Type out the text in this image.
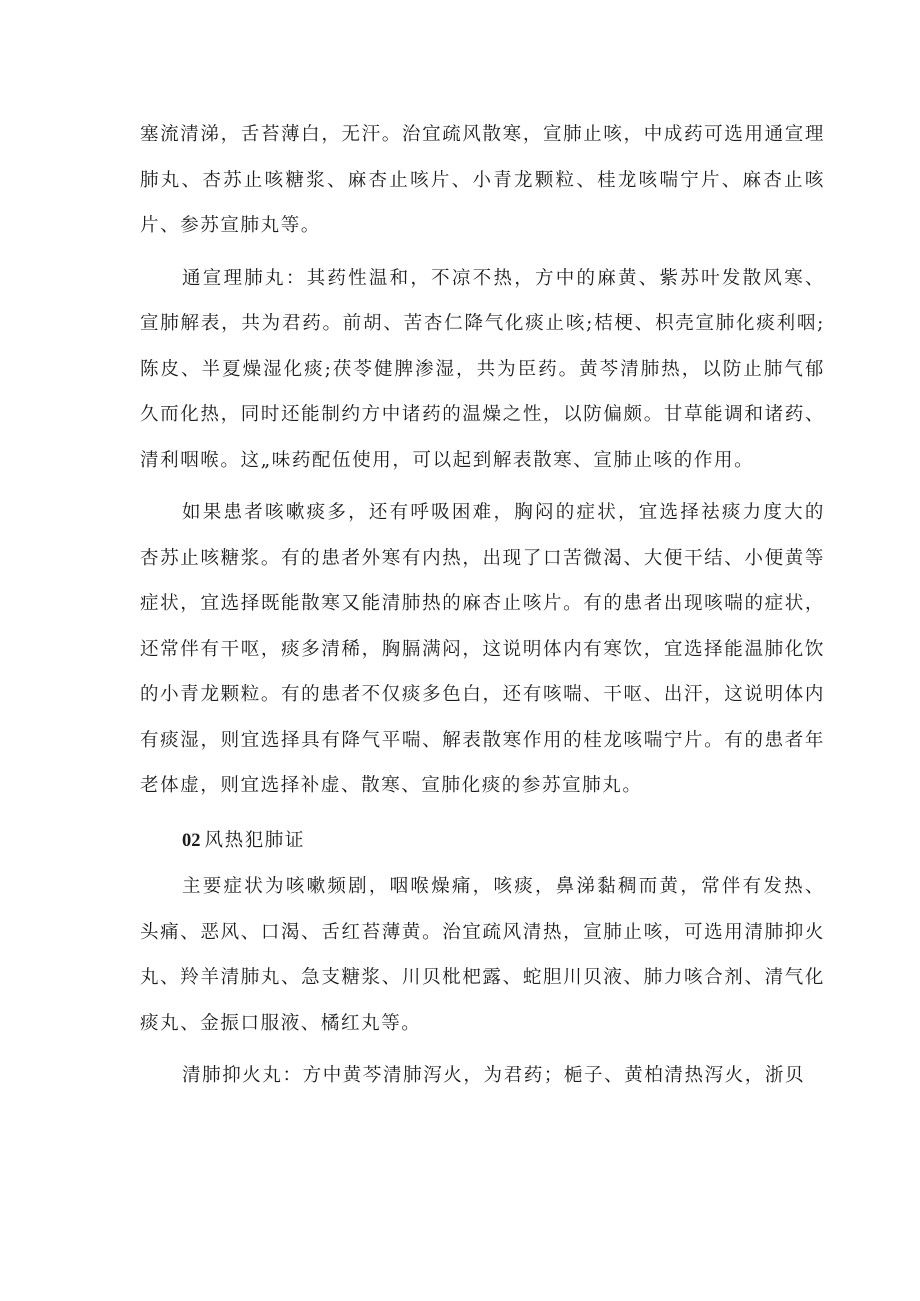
塞流清涕，舌苔薄白，无汗。治宜疏风散寒，宣肺止咳，中成药可选用通宣理肺丸、杏苏止咳糖浆、麻杏止咳片、小青龙颗粒、桂龙咳喘宁片、麻杏止咳片、参苏宣肺丸等。

通宣理肺丸：其药性温和，不凉不热，方中的麻黄、紫苏叶发散风寒、宣肺解表，共为君药。前胡、苦杏仁降气化痰止咳;桔梗、枳壳宣肺化痰利咽;陈皮、半夏燥湿化痰;茯苓健脾渗湿，共为臣药。黄芩清肺热，以防止肺气郁久而化热，同时还能制约方中诸药的温燥之性，以防偏颇。甘草能调和诸药、清利咽喉。这„味药配伍使用，可以起到解表散寒、宣肺止咳的作用。

如果患者咳嗽痰多，还有呼吸困难，胸闷的症状，宜选择祛痰力度大的杏苏止咳糖浆。有的患者外寒有内热，出现了口苦微渴、大便干结、小便黄等症状，宜选择既能散寒又能清肺热的麻杏止咳片。有的患者出现咳喘的症状，还常伴有干呕，痰多清稀，胸膈满闷，这说明体内有寒饮，宜选择能温肺化饮的小青龙颗粒。有的患者不仅痰多色白，还有咳喘、干呕、出汗，这说明体内有痰湿，则宜选择具有降气平喘、解表散寒作用的桂龙咳喘宁片。有的患者年老体虚，则宜选择补虚、散寒、宣肺化痰的参苏宣肺丸。

02 风热犯肺证

主要症状为咳嗽频剧，咽喉燥痛，咳痰，鼻涕黏稠而黄，常伴有发热、头痛、恶风、口渴、舌红苔薄黄。治宜疏风清热，宣肺止咳，可选用清肺抑火丸、羚羊清肺丸、急支糖浆、川贝枇杷露、蛇胆川贝液、肺力咳合剂、清气化痰丸、金振口服液、橘红丸等。

清肺抑火丸：方中黄芩清肺泻火，为君药；梔子、黄柏清热泻火，浙贝
